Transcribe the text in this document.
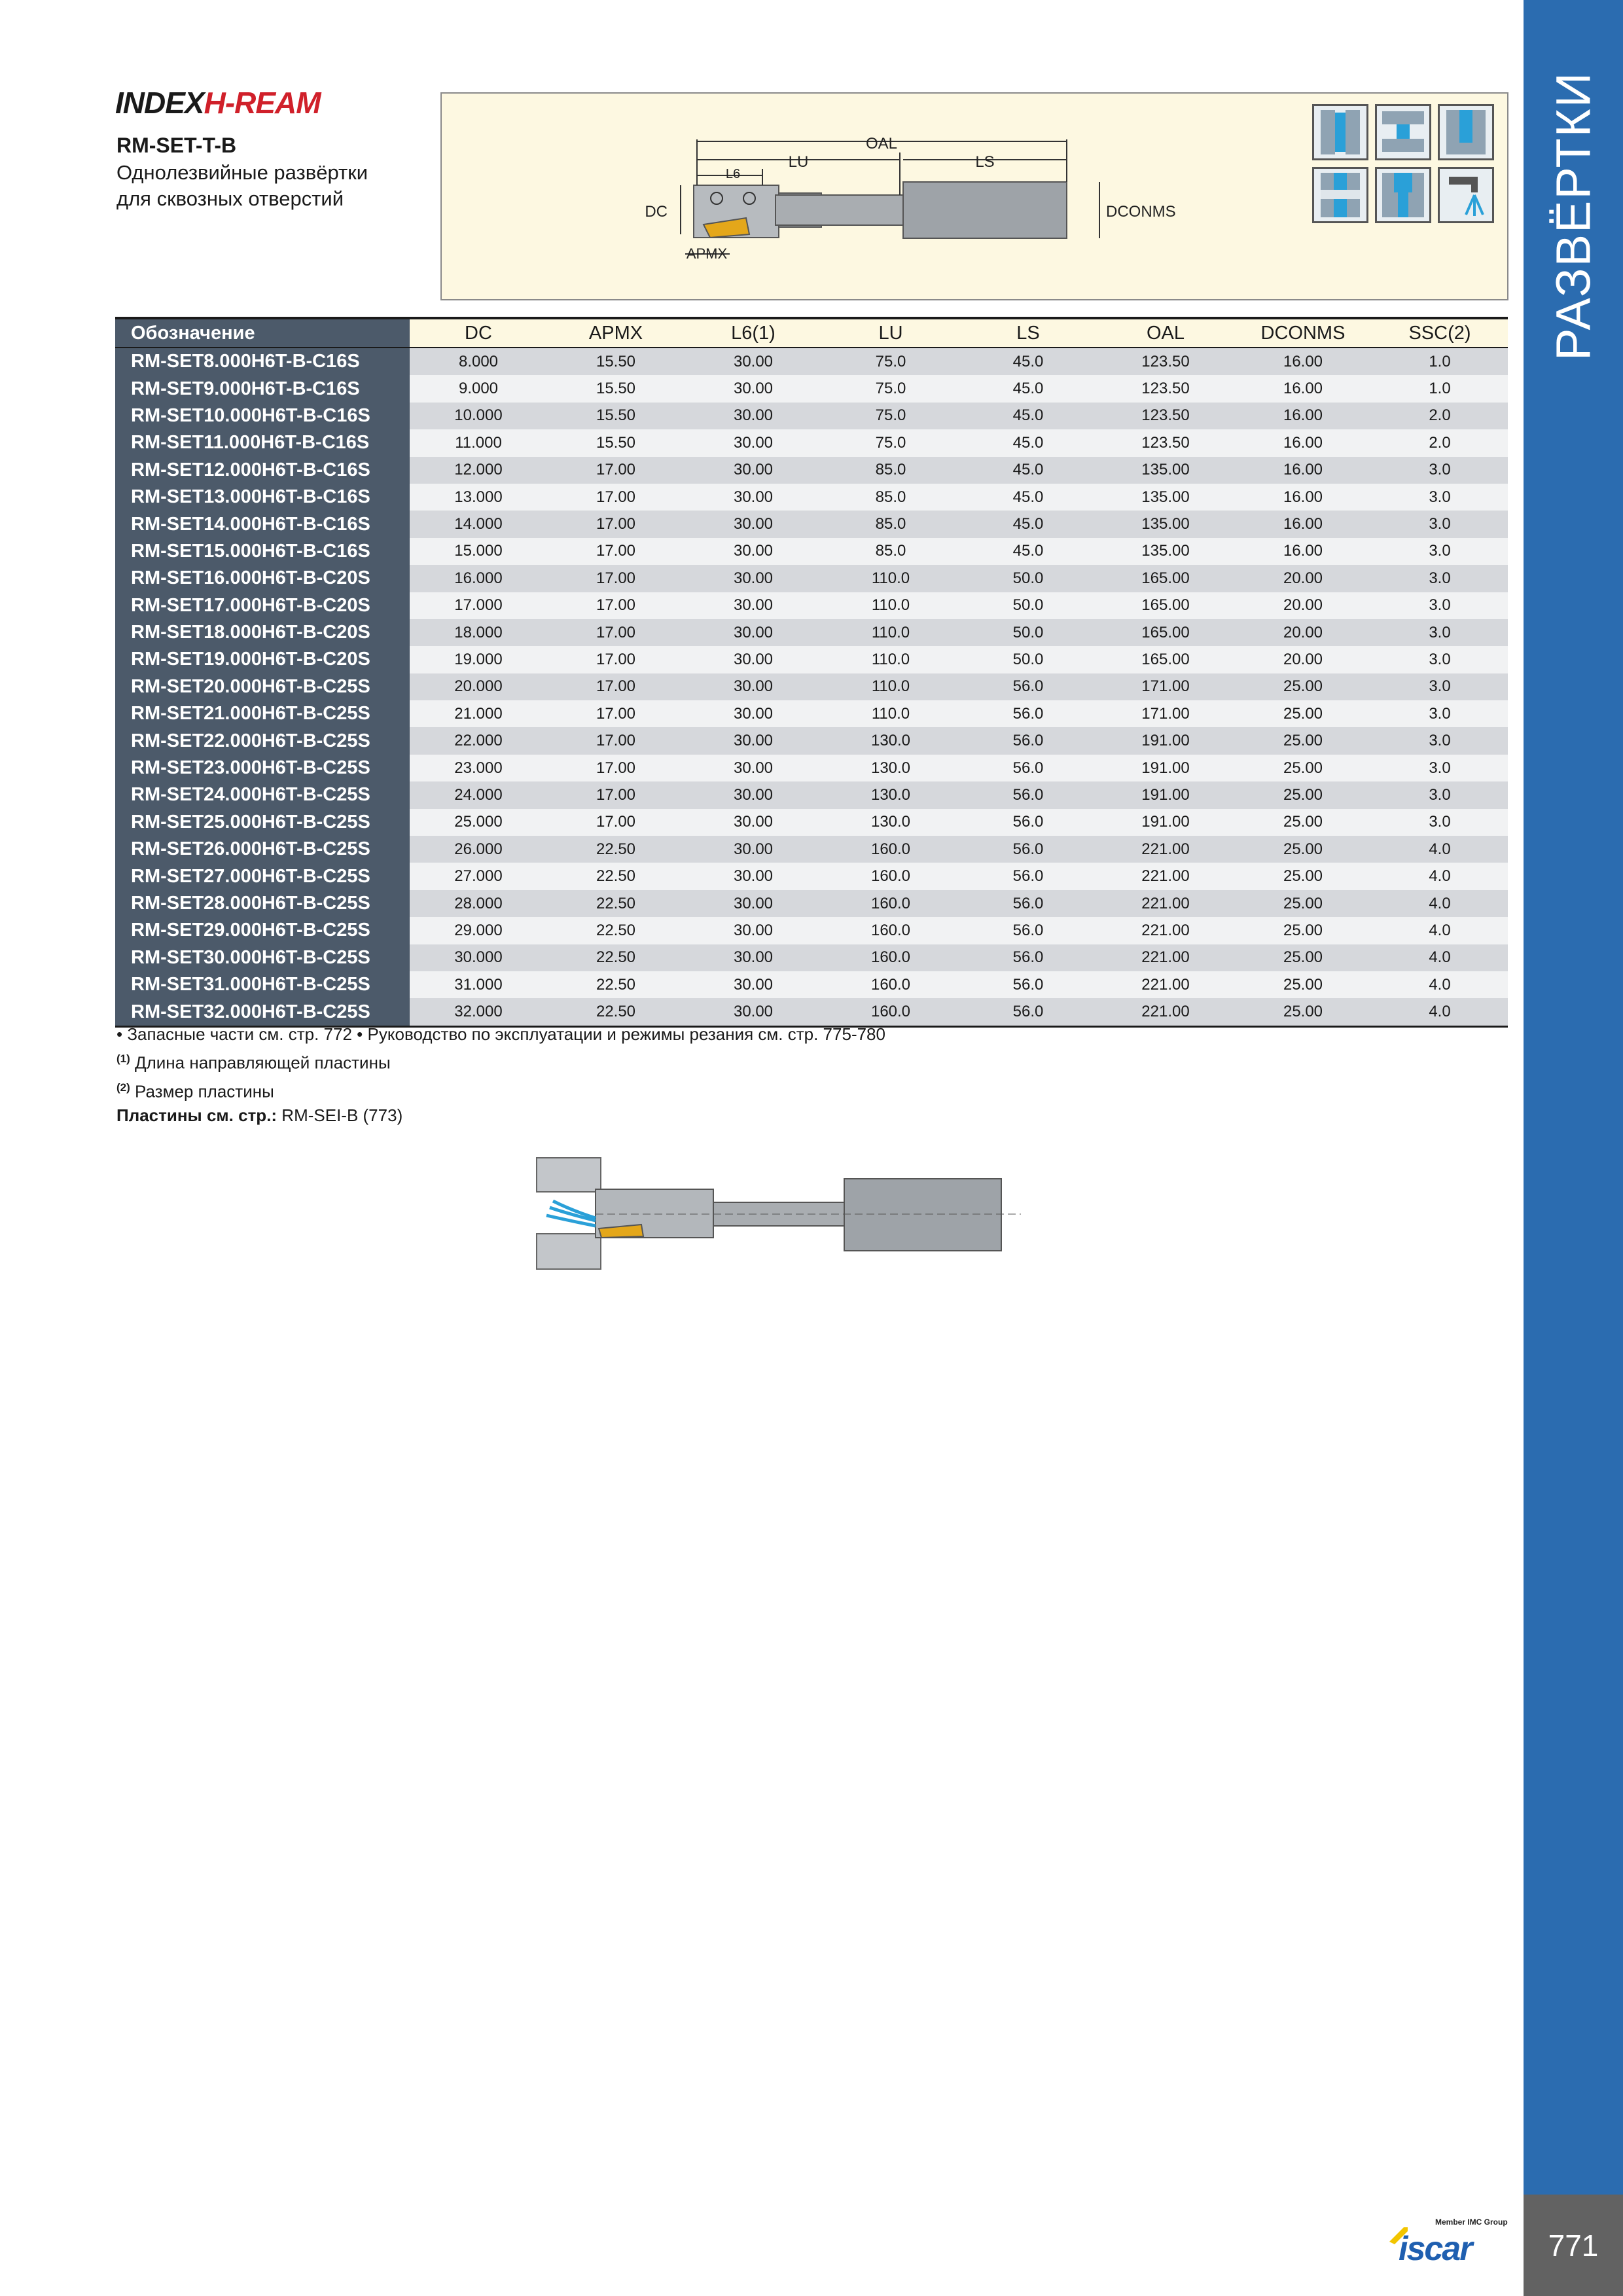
INDEXH-REAM
RM-SET-T-B
Однолезвийные развёртки
для сквозных отверстий
OAL
LU	LS
L6
DC	DCONMS
APMX
Обозначение	DC	APMX	L6(1)	LU	LS	OAL	DCONMS	SSC(2)
RM-SET8.000H6T-B-C16S	8.000	15.50	30.00	75.0	45.0	123.50	16.00	1.0
RM-SET9.000H6T-B-C16S	9.000	15.50	30.00	75.0	45.0	123.50	16.00	1.0
RM-SET10.000H6T-B-C16S	10.000	15.50	30.00	75.0	45.0	123.50	16.00	2.0
RM-SET11.000H6T-B-C16S	11.000	15.50	30.00	75.0	45.0	123.50	16.00	2.0
RM-SET12.000H6T-B-C16S	12.000	17.00	30.00	85.0	45.0	135.00	16.00	3.0
RM-SET13.000H6T-B-C16S	13.000	17.00	30.00	85.0	45.0	135.00	16.00	3.0
RM-SET14.000H6T-B-C16S	14.000	17.00	30.00	85.0	45.0	135.00	16.00	3.0
RM-SET15.000H6T-B-C16S	15.000	17.00	30.00	85.0	45.0	135.00	16.00	3.0
RM-SET16.000H6T-B-C20S	16.000	17.00	30.00	110.0	50.0	165.00	20.00	3.0
RM-SET17.000H6T-B-C20S	17.000	17.00	30.00	110.0	50.0	165.00	20.00	3.0
RM-SET18.000H6T-B-C20S	18.000	17.00	30.00	110.0	50.0	165.00	20.00	3.0
RM-SET19.000H6T-B-C20S	19.000	17.00	30.00	110.0	50.0	165.00	20.00	3.0
RM-SET20.000H6T-B-C25S	20.000	17.00	30.00	110.0	56.0	171.00	25.00	3.0
RM-SET21.000H6T-B-C25S	21.000	17.00	30.00	110.0	56.0	171.00	25.00	3.0
RM-SET22.000H6T-B-C25S	22.000	17.00	30.00	130.0	56.0	191.00	25.00	3.0
RM-SET23.000H6T-B-C25S	23.000	17.00	30.00	130.0	56.0	191.00	25.00	3.0
RM-SET24.000H6T-B-C25S	24.000	17.00	30.00	130.0	56.0	191.00	25.00	3.0
RM-SET25.000H6T-B-C25S	25.000	17.00	30.00	130.0	56.0	191.00	25.00	3.0
RM-SET26.000H6T-B-C25S	26.000	22.50	30.00	160.0	56.0	221.00	25.00	4.0
RM-SET27.000H6T-B-C25S	27.000	22.50	30.00	160.0	56.0	221.00	25.00	4.0
RM-SET28.000H6T-B-C25S	28.000	22.50	30.00	160.0	56.0	221.00	25.00	4.0
RM-SET29.000H6T-B-C25S	29.000	22.50	30.00	160.0	56.0	221.00	25.00	4.0
RM-SET30.000H6T-B-C25S	30.000	22.50	30.00	160.0	56.0	221.00	25.00	4.0
RM-SET31.000H6T-B-C25S	31.000	22.50	30.00	160.0	56.0	221.00	25.00	4.0
RM-SET32.000H6T-B-C25S	32.000	22.50	30.00	160.0	56.0	221.00	25.00	4.0
• Запасные части см. стр. 772 • Руководство по эксплуатации и режимы резания см. стр. 775-780
$^{(1)}$ Длина направляющей пластины
$^{(2)}$ Размер пластины
Пластины см. стр.: RM-SEI-B (773)
РАЗВЁРТКИ
771
Member IMC Group
iscar
